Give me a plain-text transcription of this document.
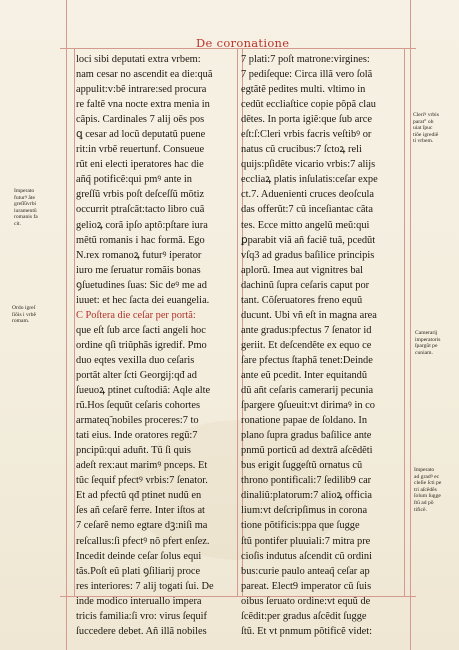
De coronatione
loci sibi deputati extra vrbem:
nam cesar no ascendit ea die:quã
appulit:v:bẽ intrare:sed procura
re faltẽ vna nocte extra menia in
cãpis. Cardinales 7 alij oẽs posᷓ
ꝗ cesar ad locũ deputatũ puene
rit:in vrbẽ reuertunf. Consueue
rũt eni electi iperatores hac die
añq̃ potificẽ:qui pmꝰ ante in
greſſũ vrbis poſt deſceſſũ mõtiz
occurrit ptraſcãt:tacto libro cuã
gelioꝝ corã ipſo aptõ:pſtare iura
mẽtũ romanis i hac formã. Ego
N.rex romanoꝝ futurꝰ iperator
iuro me ſeruatur romãis bonas
ꝯſuetudines ſuas: Sic deꝰ me ad
iuuet: et hec ſacta dei euangelia.
C Poſtera die ceſar per portã:
que eſt ſub arce ſacti angeli hoc
ordine qſi triũphãs igredif. Pmo
duo eqtes vexilla duo ceſaris
portãt alter ſcti Georgij:qđ ad
ſueuoꝝ ptinet cuſtodiã: Aqle alte
rũ.Hos ſequũt ceſaris cohortes
armateɋ̃ nobiles proceres:7 to
tati eius. Inde oratores regũ:7
pncipũ:qui aduñt. Tũ ſi quis
adeſt rex:aut marimꝰ pnceps. Et
tũc ſequif pfectꝰ vrbis:7 ſenator.
Et ad pfectũ qđ ptinet nudũ en
ſes añ ceſarẽ ferre. Inter iſtos at
7 ceſarẽ nemo egtare dꝫ:niſi ma
reſcallus:ſi pfectꝰ nõ pfert enſez.
Incedit deinde ceſar ſolus equi
tãs.Poſt eũ plati ꝯſiliarij proce
res interiores: 7 alij togati ſui. De
inde modico interuallo impera
tricis familia:ſi vro: virus ſequif
ſuccedere debet. Añ illã nobiles
7 plati:7 poſt matrone:virgines:
7 pediſeque: Circa illã vero ſolã
egtãtẽ pedites multi. vltimo in
cedũt eccliaſtice copie põpã clau
dẽtes. In porta igiẽ:que ſub arce
eſt:ſ:Cleri vrbis facris veſtibꝰ or
natus cũ crucibus:7 ſctoꝝ reli
quijs:pſidẽte vicario vrbis:7 alijs
eccliaꝝ platis inſulatis:ceſar expe
ct.7. Aduenienti cruces deoſcula
das offerũt:7 cũ inceſiantac cãta
tes. Ecce mitto angelũ meũ:qui
ꝑparabit viã añ faciẽ tuã, pcedũt
vſq3 ad gradus baſilice principis
aplorũ. Imea aut vignitres bal
dachinũ ſupra ceſaris caput por
tant. Cõſeruatores freno equũ
ducunt. Ubi vñ eſt in magna area
ante gradus:pfectus 7 ſenator id
geriit. Et deſcendẽte ex equo ce
ſare pfectus ſtaphã tenet:Deinde
ante eũ pcedit. Inter equitandũ
dũ añt ceſaris camerarij pecunia
ſpargere ꝯſueuit:vt dirimaꝰ in co
ronatione papae de ſoldano. In
plano ſupra gradus baſilice ante
pnmũ porticũ ad dextrã aſcẽdẽti
bus erigit ſuggeſtũ ornatus cũ
throno pontificali:7 ſedilib9 car
dinaliũ:platorum:7 alioꝝ officia
lium:vt deſcripſimus in corona
tione põtificis:ppa que ſugge
ſtũ pontifer pluuiali:7 mitra pre
cioſis indutus aſcendit cũ ordini
bus:curie paulo anteaq̃ ceſar ap
pareat. Elect9 imperator cũ ſuis
oibus ſeruato ordine:vt equũ de
ſcẽdit:per gradus aſcẽdit ſugge
ſtũ. Et vt pnmum põtificẽ videt:
Imperato
futurꝰ ãte
greſſũvrbi
iuramentũ
romanis fa
cit.
Ordo igreſ
ſiõis i vrbẽ
romam.
Cleriꝰ vrbis
parat° ob
uiat ſpuc
tiõe igrediẽ
ti vrbem.
Camerarij
imperatoris
ſpargũt pe
cuniam.
Imperato
ad gradꝰ ec
cleſie ſcti pe
tri aſcẽdẽs
ſolum ſugge
ſtũ ad põ
tificẽ.
